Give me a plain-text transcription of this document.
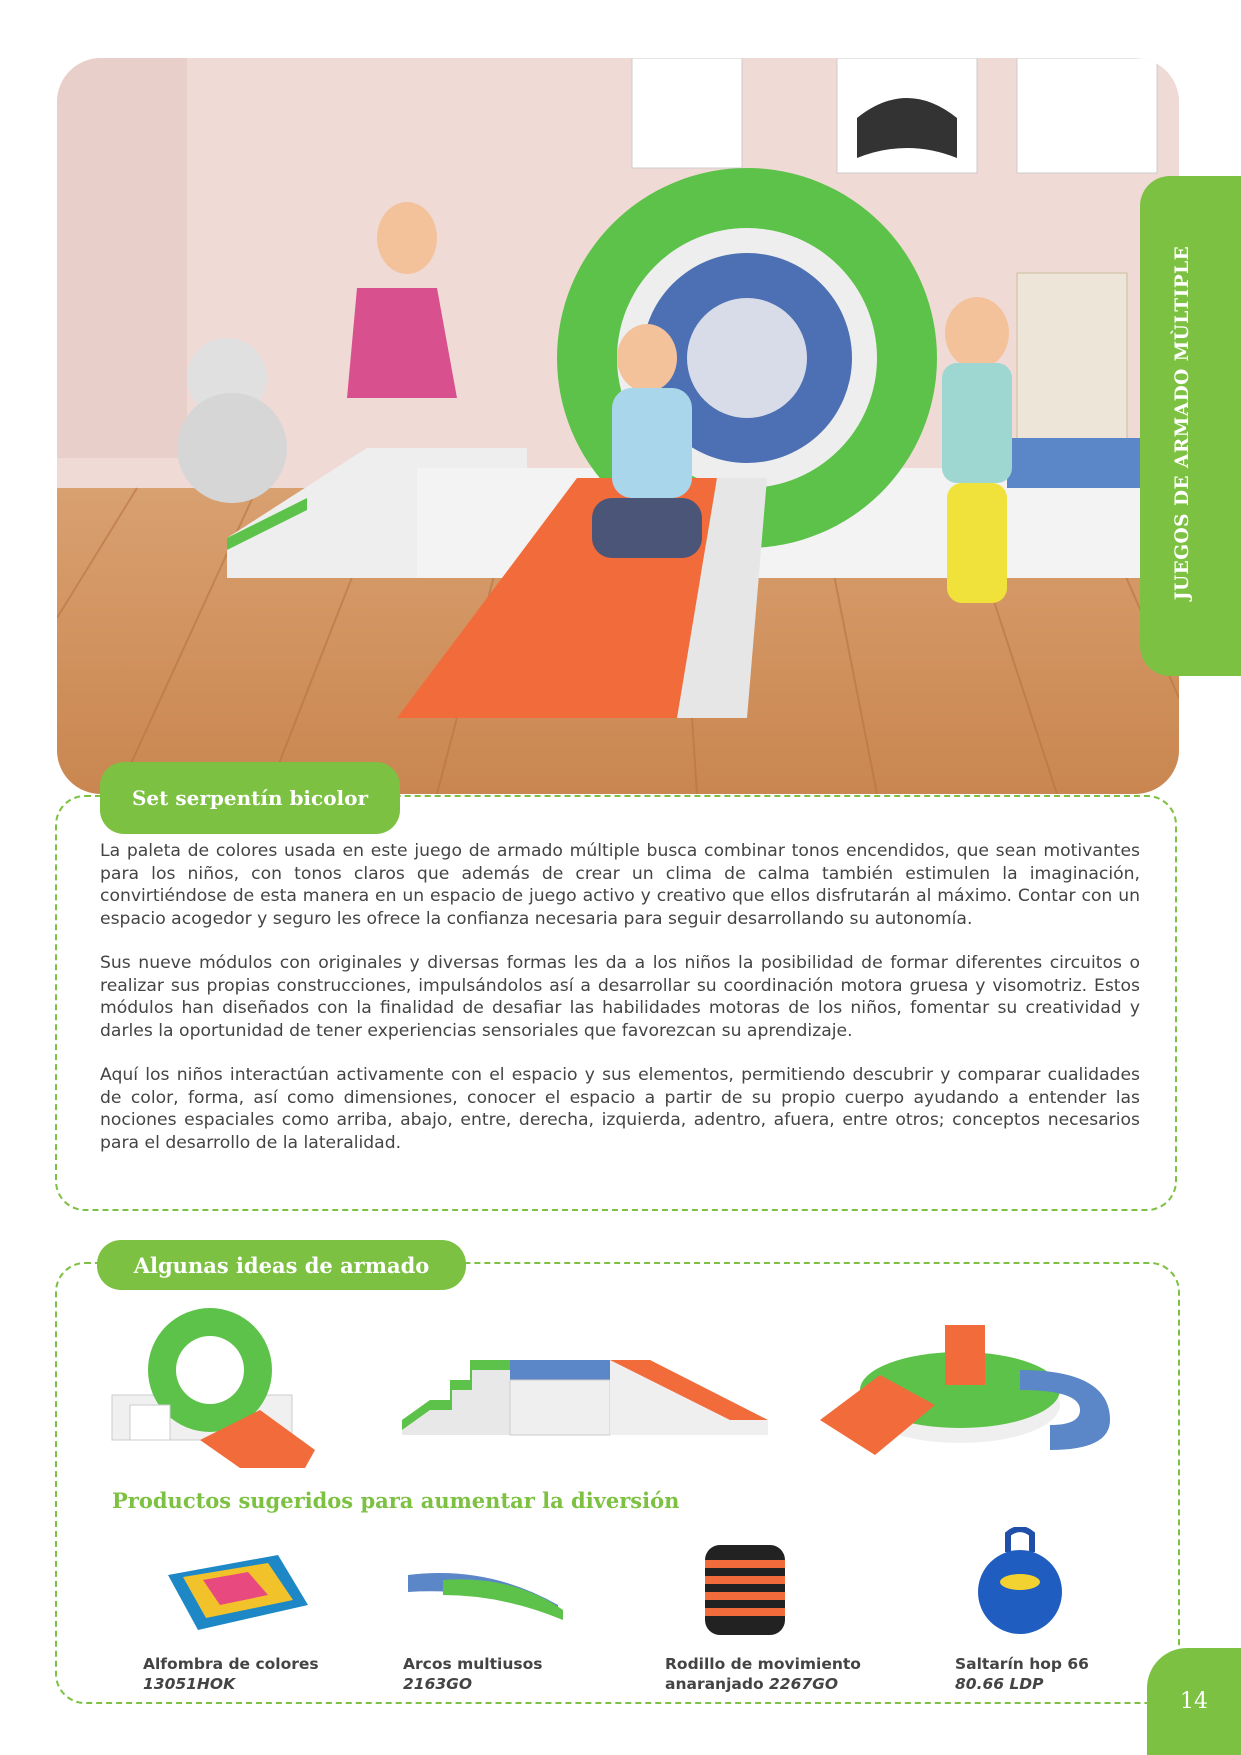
JUEGOS DE ARMADO MÙLTIPLE
Set serpentín bicolor

La paleta de colores usada en este juego de armado múltiple busca combinar tonos encendidos, que sean motivantes para los niños, con tonos claros que además de crear un clima de calma también estimulen la imaginación, convirtiéndose de esta manera en un espacio de juego activo y creativo que ellos disfrutarán al máximo. Contar con un espacio acogedor y seguro les ofrece la confianza necesaria para seguir desarrollando su autonomía.

Sus nueve módulos con originales y diversas formas les da a los niños la posibilidad de formar diferentes circuitos o realizar sus propias construcciones, impulsándolos así a desarrollar su coordinación motora gruesa y visomotriz. Estos módulos han diseñados con la finalidad de desafiar las habilidades motoras de los niños, fomentar su creatividad y darles la oportunidad de tener experiencias sensoriales que favorezcan su aprendizaje.

Aquí los niños interactúan activamente con el espacio y sus elementos, permitiendo descubrir y comparar cualidades de color, forma, así como dimensiones, conocer el espacio a partir de su propio cuerpo ayudando a entender las nociones espaciales como arriba, abajo, entre, derecha, izquierda, adentro, afuera, entre otros; conceptos necesarios para el desarrollo de la lateralidad.

Algunas ideas de armado
Productos sugeridos para aumentar la diversión
Alfombra de colores
13051HOK
Arcos multiusos
2163GO
Rodillo de movimiento
anaranjado 2267GO
Saltarín hop 66
80.66 LDP
14
